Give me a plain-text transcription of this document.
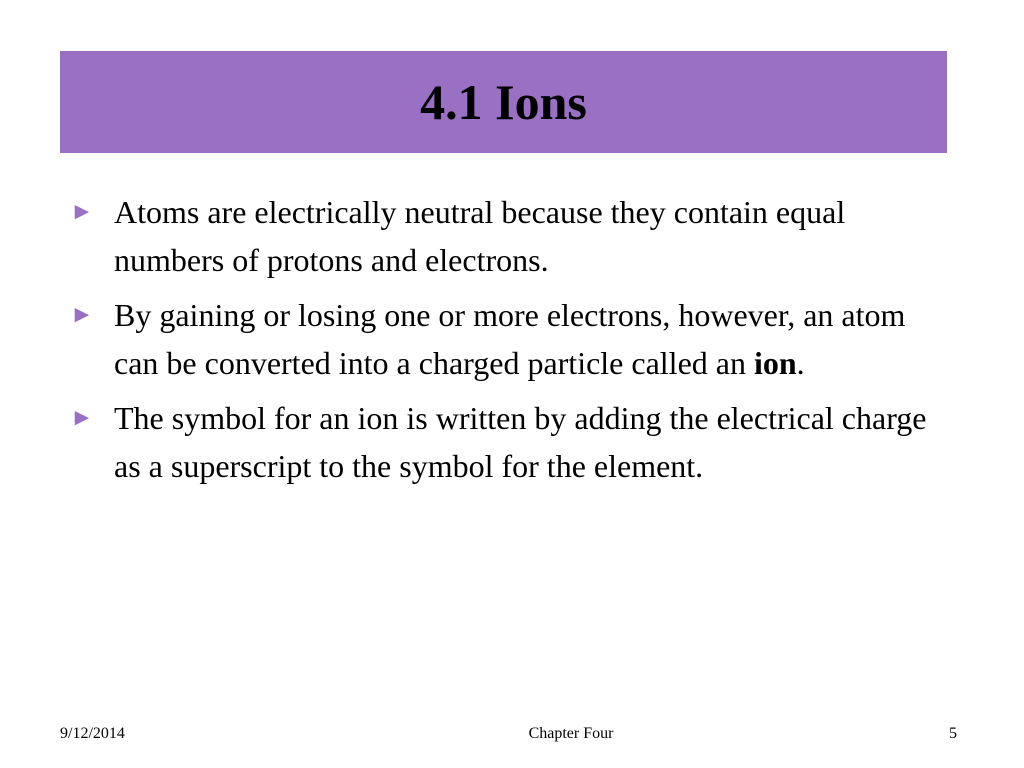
4.1 Ions
► Atoms are electrically neutral because they contain equal numbers of protons and electrons.
► By gaining or losing one or more electrons, however, an atom can be converted into a charged particle called an ion.
► The symbol for an ion is written by adding the electrical charge as a superscript to the symbol for the element.
9/12/2014	Chapter Four	5
